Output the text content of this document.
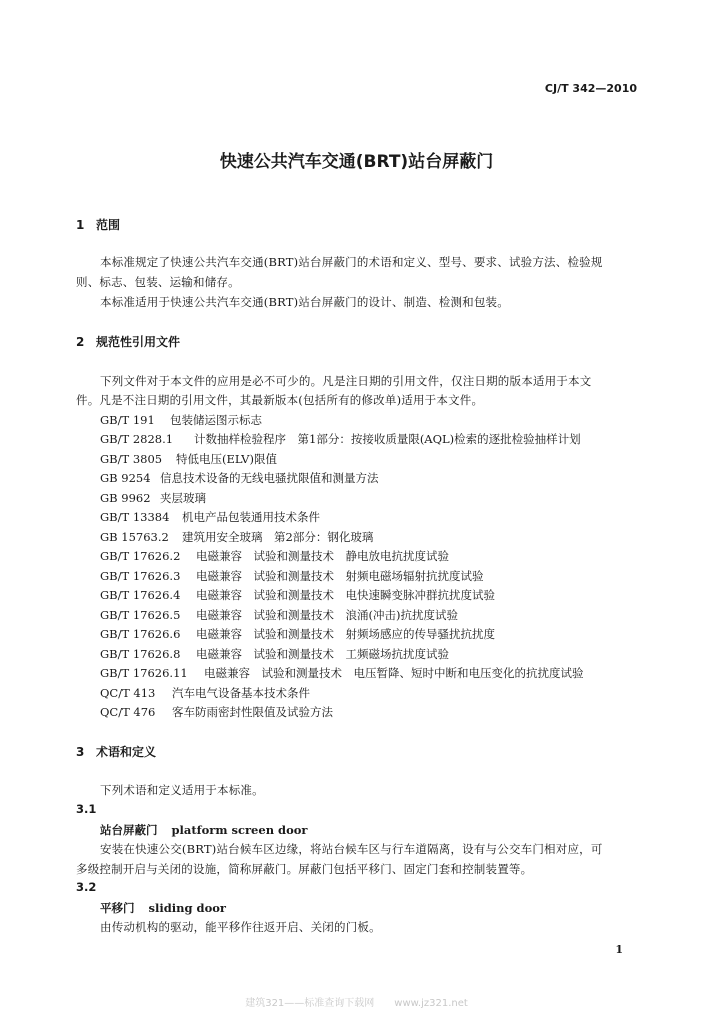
CJ/T 342—2010
快速公共汽车交通(BRT)站台屏蔽门
1 范围
本标准规定了快速公共汽车交通(BRT)站台屏蔽门的术语和定义、型号、要求、试验方法、检验规
则、标志、包装、运输和储存。
本标准适用于快速公共汽车交通(BRT)站台屏蔽门的设计、制造、检测和包装。
2 规范性引用文件
下列文件对于本文件的应用是必不可少的。凡是注日期的引用文件，仅注日期的版本适用于本文
件。凡是不注日期的引用文件，其最新版本(包括所有的修改单)适用于本文件。
GB/T 191 包装储运图示标志
GB/T 2828.1 计数抽样检验程序　第1部分：按接收质量限(AQL)检索的逐批检验抽样计划
GB/T 3805 特低电压(ELV)限值
GB 9254 信息技术设备的无线电骚扰限值和测量方法
GB 9962 夹层玻璃
GB/T 13384 机电产品包装通用技术条件
GB 15763.2 建筑用安全玻璃　第2部分：钢化玻璃
GB/T 17626.2 电磁兼容　试验和测量技术　静电放电抗扰度试验
GB/T 17626.3 电磁兼容　试验和测量技术　射频电磁场辐射抗扰度试验
GB/T 17626.4 电磁兼容　试验和测量技术　电快速瞬变脉冲群抗扰度试验
GB/T 17626.5 电磁兼容　试验和测量技术　浪涌(冲击)抗扰度试验
GB/T 17626.6 电磁兼容　试验和测量技术　射频场感应的传导骚扰抗扰度
GB/T 17626.8 电磁兼容　试验和测量技术　工频磁场抗扰度试验
GB/T 17626.11 电磁兼容　试验和测量技术　电压暂降、短时中断和电压变化的抗扰度试验
QC/T 413 汽车电气设备基本技术条件
QC/T 476 客车防雨密封性限值及试验方法
3 术语和定义
下列术语和定义适用于本标准。
3.1
站台屏蔽门 platform screen door
安装在快速公交(BRT)站台候车区边缘，将站台候车区与行车道隔离，设有与公交车门相对应，可
多级控制开启与关闭的设施，简称屏蔽门。屏蔽门包括平移门、固定门套和控制装置等。
3.2
平移门 sliding door
由传动机构的驱动，能平移作往返开启、关闭的门板。
1
建筑321——标准查询下载网　　www.jz321.net
